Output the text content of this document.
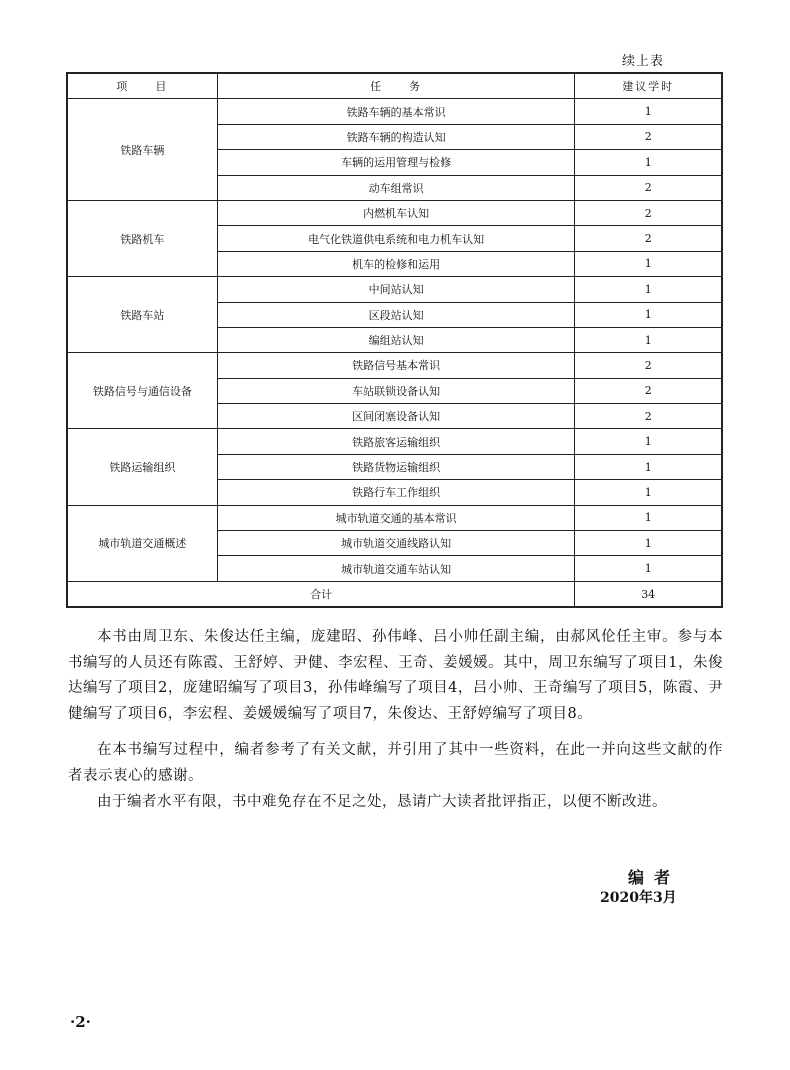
续上表
项　　目	任　　务	建议学时
铁路车辆	铁路车辆的基本常识	1
	铁路车辆的构造认知	2
	车辆的运用管理与检修	1
	动车组常识	2
铁路机车	内燃机车认知	2
	电气化铁道供电系统和电力机车认知	2
	机车的检修和运用	1
铁路车站	中间站认知	1
	区段站认知	1
	编组站认知	1
铁路信号与通信设备	铁路信号基本常识	2
	车站联锁设备认知	2
	区间闭塞设备认知	2
铁路运输组织	铁路旅客运输组织	1
	铁路货物运输组织	1
	铁路行车工作组织	1
城市轨道交通概述	城市轨道交通的基本常识	1
	城市轨道交通线路认知	1
	城市轨道交通车站认知	1
合计		34

本书由周卫东、朱俊达任主编，庞建昭、孙伟峰、吕小帅任副主编，由郝风伦任主审。参与本书编写的人员还有陈霞、王舒婷、尹健、李宏程、王奇、姜媛媛。其中，周卫东编写了项目1，朱俊达编写了项目2，庞建昭编写了项目3，孙伟峰编写了项目4，吕小帅、王奇编写了项目5，陈霞、尹健编写了项目6，李宏程、姜媛媛编写了项目7，朱俊达、王舒婷编写了项目8。

在本书编写过程中，编者参考了有关文献，并引用了其中一些资料，在此一并向这些文献的作者表示衷心的感谢。

由于编者水平有限，书中难免存在不足之处，恳请广大读者批评指正，以便不断改进。

编者
2020年3月
·2·
